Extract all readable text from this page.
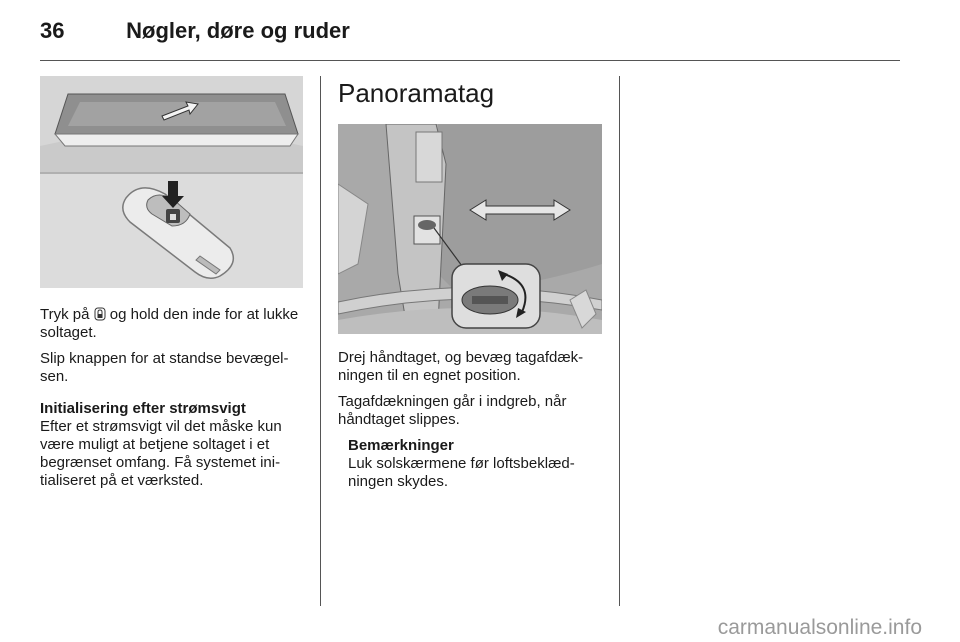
36	Nøgler, døre og ruder

Tryk på og hold den inde for at lukke soltaget.

Slip knappen for at standse bevægelsen.

Initialisering efter strømsvigt

Efter et strømsvigt vil det måske kun være muligt at betjene soltaget i et begrænset omfang. Få systemet initialiseret på et værksted.

Panoramatag

Drej håndtaget, og bevæg tagafdækningen til en egnet position.

Tagafdækningen går i indgreb, når håndtaget slippes.

Bemærkninger
Luk solskærmene før loftsbeklædningen skydes.
carmanualsonline.info
